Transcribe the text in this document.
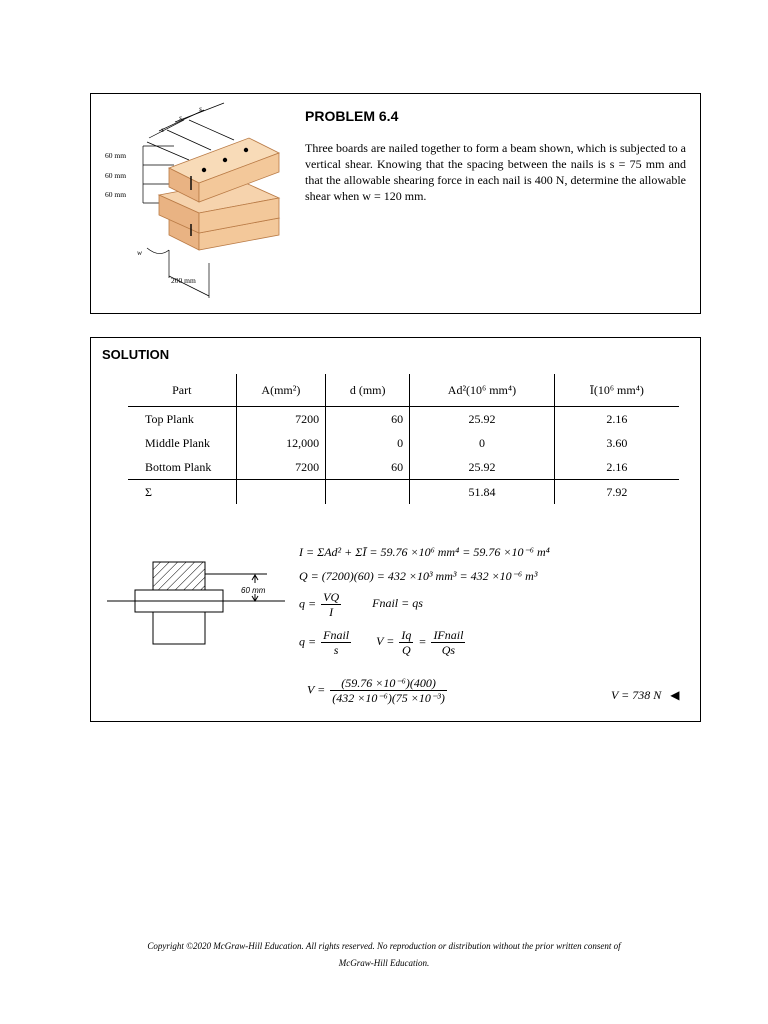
60 mm
60 mm
60 mm
s
s
s
w
200 mm
PROBLEM 6.4
Three boards are nailed together to form a beam shown, which is subjected to a vertical shear. Knowing that the spacing between the nails is s = 75 mm and that the allowable shearing force in each nail is 400 N, determine the allowable shear when w = 120 mm.
SOLUTION
Part	A(mm²)	d (mm)	Ad²(10⁶ mm⁴)	Ī(10⁶ mm⁴)
Top Plank	7200	60	25.92	2.16
Middle Plank	12,000	0	0	3.60
Bottom Plank	7200	60	25.92	2.16
Σ			51.84	7.92
60 mm
I = ΣAd² + ΣĪ = 59.76 ×10⁶ mm⁴ = 59.76 ×10⁻⁶ m⁴
Q = (7200)(60) = 432 ×10³ mm³ = 432 ×10⁻⁶ m³
$q = \frac{VQ}{I}$	Fnail = qs
$q = \frac{\text{Fnail}}{s}$ $V = \frac{Iq}{Q} = \frac{\text{IFnail}}{Qs}$
$V = \frac{\text{(59.76 ×10⁻⁶)(400)}}{\text{(432 ×10⁻⁶)(75 ×10⁻³)}}$	V = 738 N ◀
Copyright ©2020 McGraw-Hill Education. All rights reserved. No reproduction or distribution without the prior written consent of
McGraw-Hill Education.
